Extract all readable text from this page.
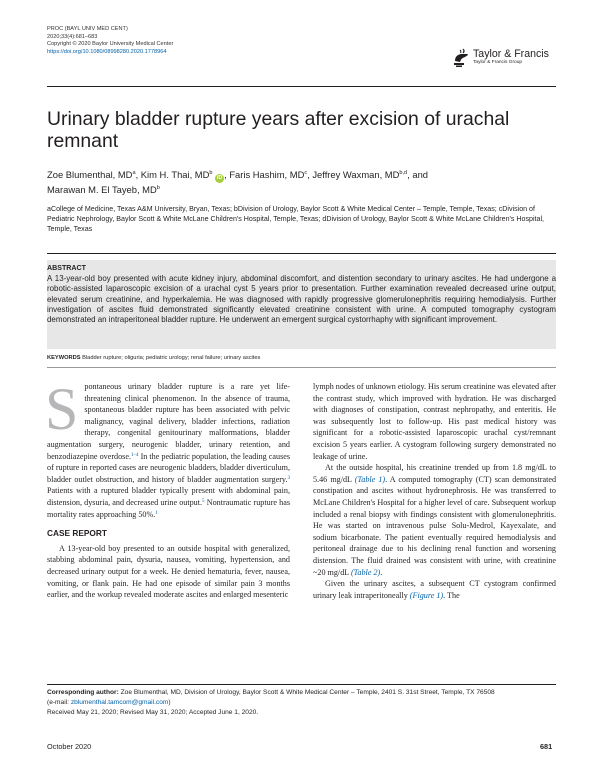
PROC (BAYL UNIV MED CENT)
2020;33(4):681–683
Copyright © 2020 Baylor University Medical Center
https://doi.org/10.1080/08998280.2020.1778964	Taylor & Francis
Taylor & Francis Group
Urinary bladder rupture years after excision of urachal remnant
Zoe Blumenthal, $MD^a$, Kim H. Thai, $MD^b$ iD , Faris Hashim, $MD^c$, Jeffrey Waxman, MD$^{b,d}$, and
Marawan M. El Tayeb, $MD^b$

aCollege of Medicine, Texas A&M University, Bryan, Texas; bDivision of Urology, Baylor Scott & White Medical Center – Temple, Temple, Texas; cDivision of Pediatric Nephrology, Baylor Scott & White McLane Children's Hospital, Temple, Texas; dDivision of Urology, Baylor Scott & White McLane Children's Hospital, Temple, Texas

ABSTRACT
A 13-year-old boy presented with acute kidney injury, abdominal discomfort, and distention secondary to urinary ascites. He had undergone a robotic-assisted laparoscopic excision of a urachal cyst 5 years prior to presentation. Further examination revealed decreased urine output, elevated serum creatinine, and hyperkalemia. He was diagnosed with rapidly progressive glomerulonephritis requiring hemodialysis. Further investigation of ascites fluid demonstrated significantly elevated creatinine consistent with urine. A computed tomography cystogram demonstrated an intraperitoneal bladder rupture. He underwent an emergent surgical cystorrhaphy with significant improvement.
KEYWORDS Bladder rupture; oliguria; pediatric urology; renal failure; urinary ascites

Spontaneous urinary bladder rupture is a rare yet life-threatening clinical phenomenon. In the absence of trauma, spontaneous bladder rupture has been associated with pelvic malignancy, vaginal delivery, bladder infections, radiation therapy, congenital genitourinary malformations, bladder augmentation surgery, neurogenic bladder, urinary retention, and benzodiazepine overdose.$^{1-4}$ In the pediatric population, the leading causes of rupture in reported cases are neurogenic bladders, bladder diverticulum, bladder outlet obstruction, and history of bladder augmentation surgery.$^3$ Patients with a ruptured bladder typically present with abdominal pain, distension, dysuria, and decreased urine output.$^5$ Nontraumatic rupture has mortality rates approaching 50%.$^1$

CASE REPORT

A 13-year-old boy presented to an outside hospital with generalized, stabbing abdominal pain, dysuria, nausea, vomiting, hypertension, and decreased urinary output for a week. He denied hematuria, fever, nausea, vomiting, or flank pain. He had one episode of similar pain 3 months earlier, and the workup revealed moderate ascites and enlarged mesenteric

lymph nodes of unknown etiology. His serum creatinine was elevated after the contrast study, which improved with hydration. He was discharged with diagnoses of constipation, contrast nephropathy, and enteritis. He was subsequently lost to follow-up. His past medical history was significant for a robotic-assisted laparoscopic urachal cyst/remnant excision 5 years earlier. A cystogram following surgery demonstrated no leakage of urine.

At the outside hospital, his creatinine trended up from 1.8 mg/dL to 5.46 mg/dL (Table 1). A computed tomography (CT) scan demonstrated constipation and ascites without hydronephrosis. He was transferred to McLane Children's Hospital for a higher level of care. Subsequent workup included a renal biopsy with findings consistent with glomerulonephritis. He was started on intravenous pulse Solu-Medrol, Kayexalate, and sodium bicarbonate. The patient eventually required hemodialysis and peritoneal drainage due to his declining renal function and worsening distension. The fluid drained was consistent with urine, with creatinine ~20 mg/dL (Table 2).

Given the urinary ascites, a subsequent CT cystogram confirmed urinary leak intraperitoneally (Figure 1). The

Corresponding author: Zoe Blumenthal, MD, Division of Urology, Baylor Scott & White Medical Center – Temple, 2401 S. 31st Street, Temple, TX 76508

(e-mail: zblumenthal.tamcom@gmail.com)

Received May 21, 2020; Revised May 31, 2020; Accepted June 1, 2020.

October 2020	681
